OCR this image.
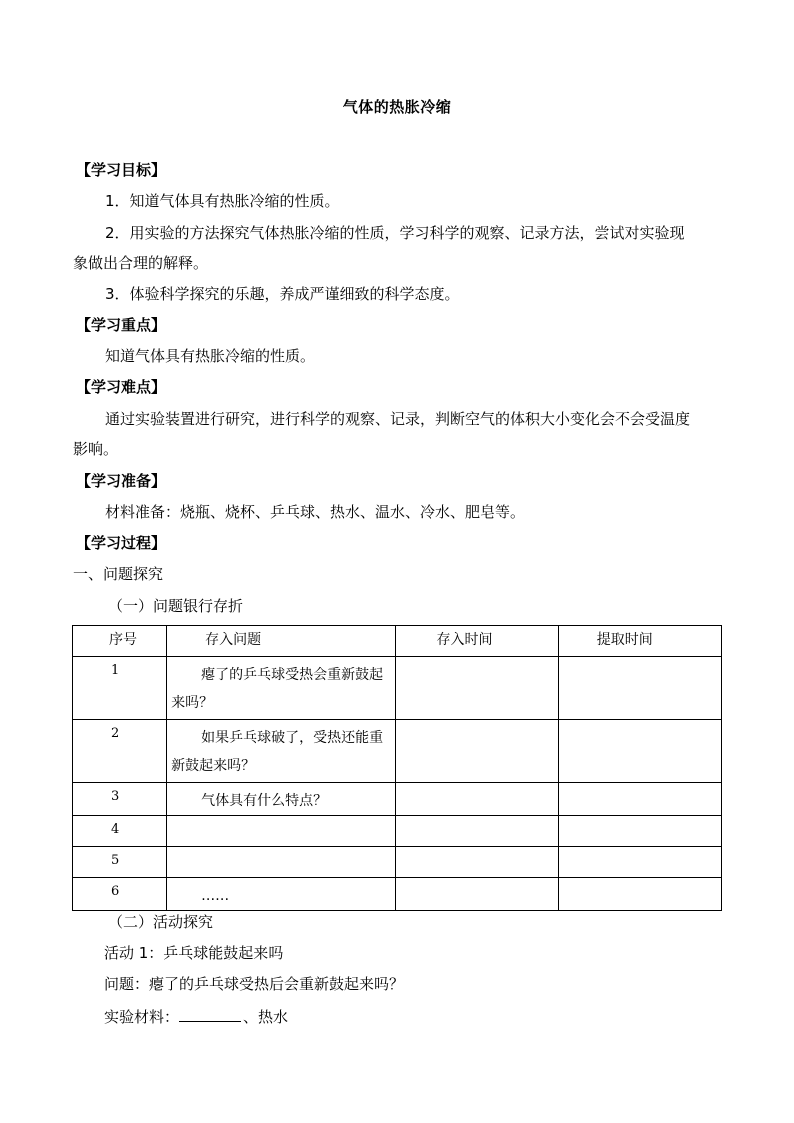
气体的热胀冷缩
【学习目标】
1．知道气体具有热胀冷缩的性质。
2．用实验的方法探究气体热胀冷缩的性质，学习科学的观察、记录方法，尝试对实验现
象做出合理的解释。
3．体验科学探究的乐趣，养成严谨细致的科学态度。
【学习重点】
知道气体具有热胀冷缩的性质。
【学习难点】
通过实验装置进行研究，进行科学的观察、记录，判断空气的体积大小变化会不会受温度
影响。
【学习准备】
材料准备：烧瓶、烧杯、乒乓球、热水、温水、冷水、肥皂等。
【学习过程】
一、问题探究
（一）问题银行存折
序号	存入问题	存入时间	提取时间

1	瘪了的乒乓球受热会重新鼓起来吗？		

2	如果乒乓球破了，受热还能重新鼓起来吗？		

3	气体具有什么特点？		

4			

5			

6	……		

（二）活动探究
活动 1：乒乓球能鼓起来吗
问题：瘪了的乒乓球受热后会重新鼓起来吗？
实验材料：	、热水
